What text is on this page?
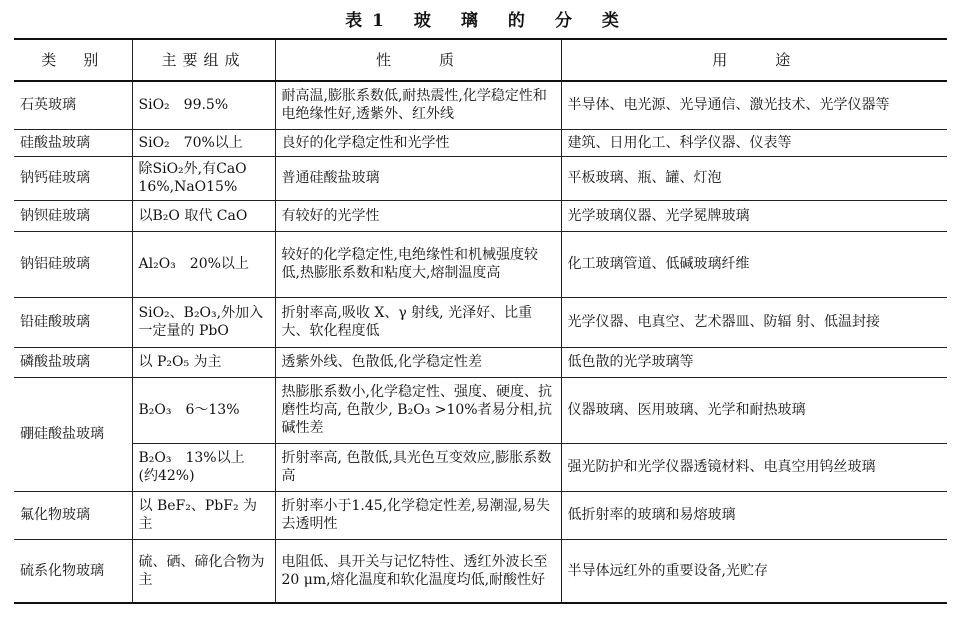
表 1 玻 璃 的 分 类
类　别	主要组成	性　　质	用　　途
石英玻璃	SiO₂　99.5%	耐高温,膨胀系数低,耐热震性,化学稳定性和电绝缘性好,透紫外、红外线	半导体、电光源、光导通信、激光技术、光学仪器等
硅酸盐玻璃	SiO₂　70%以上	良好的化学稳定性和光学性	建筑、日用化工、科学仪器、仪表等
钠钙硅玻璃	除SiO₂外,有CaO 16%,NaO15%	普通硅酸盐玻璃	平板玻璃、瓶、罐、灯泡
钠钡硅玻璃	以B₂O 取代 CaO	有较好的光学性	光学玻璃仪器、光学冕牌玻璃
钠铝硅玻璃	Al₂O₃　20%以上	较好的化学稳定性,电绝缘性和机械强度较低,热膨胀系数和粘度大,熔制温度高	化工玻璃管道、低碱玻璃纤维
铅硅酸玻璃	SiO₂、B₂O₃,外加入一定量的 PbO	折射率高,吸收 X、γ 射线, 光泽好、比重大、软化程度低	光学仪器、电真空、艺术器皿、防辐 射、低温封接
磷酸盐玻璃	以 P₂O₅ 为主	透紫外线、色散低,化学稳定性差	低色散的光学玻璃等
硼硅酸盐玻璃	B₂O₃　6～13%	热膨胀系数小,化学稳定性、强度、硬度、抗磨性均高, 色散少, B₂O₃ >10%者易分相,抗碱性差	仪器玻璃、医用玻璃、光学和耐热玻璃
	B₂O₃　13%以上 (约42%)	折射率高, 色散低,具光色互变效应,膨胀系数高	强光防护和光学仪器透镜材料、电真空用钨丝玻璃
氟化物玻璃	以 BeF₂、PbF₂ 为主	折射率小于1.45,化学稳定性差,易潮湿,易失去透明性	低折射率的玻璃和易熔玻璃
硫系化物玻璃	硫、硒、碲化合物为主	电阻低、具开关与记忆特性、透红外波长至20 μm,熔化温度和软化温度均低,耐酸性好	半导体远红外的重要设备,光贮存
